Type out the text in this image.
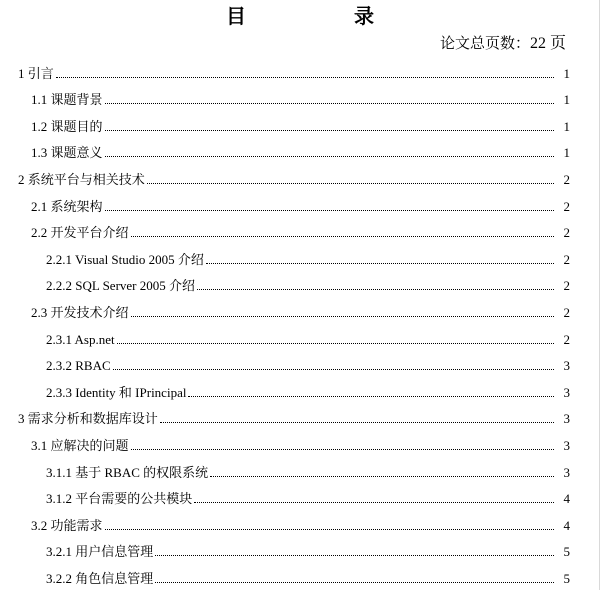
目　录
论文总页数：22 页
1 引言	1
1.1 课题背景	1
1.2 课题目的	1
1.3 课题意义	1
2 系统平台与相关技术	2
2.1 系统架构	2
2.2 开发平台介绍	2
2.2.1 Visual Studio 2005 介绍	2
2.2.2 SQL Server 2005 介绍	2
2.3 开发技术介绍	2
2.3.1 Asp.net	2
2.3.2 RBAC	3
2.3.3 Identity 和 IPrincipal	3
3 需求分析和数据库设计	3
3.1 应解决的问题	3
3.1.1 基于 RBAC 的权限系统	3
3.1.2 平台需要的公共模块	4
3.2 功能需求	4
3.2.1 用户信息管理	5
3.2.2 角色信息管理	5
